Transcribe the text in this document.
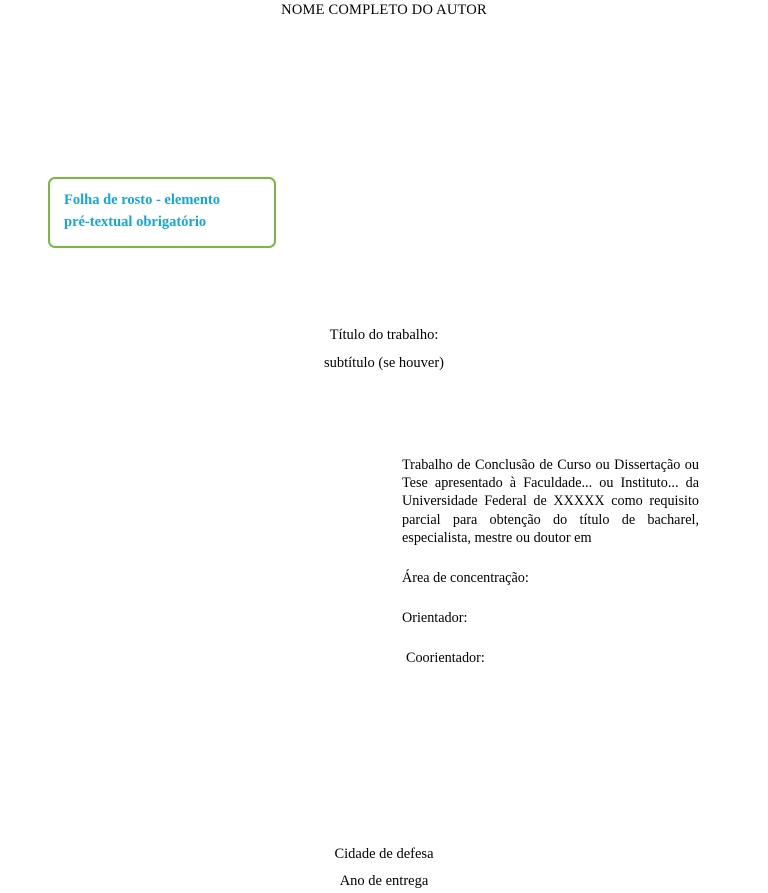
NOME COMPLETO DO AUTOR
Folha de rosto - elemento
pré-textual obrigatório
Título do trabalho:
subtítulo (se houver)

Trabalho de Conclusão de Curso ou Dissertação ou Tese apresentado à Faculdade... ou Instituto... da Universidade Federal de XXXXX como requisito parcial para obtenção do título de bacharel, especialista, mestre ou doutor em

Área de concentração:

Orientador:

Coorientador:

Cidade de defesa
Ano de entrega
